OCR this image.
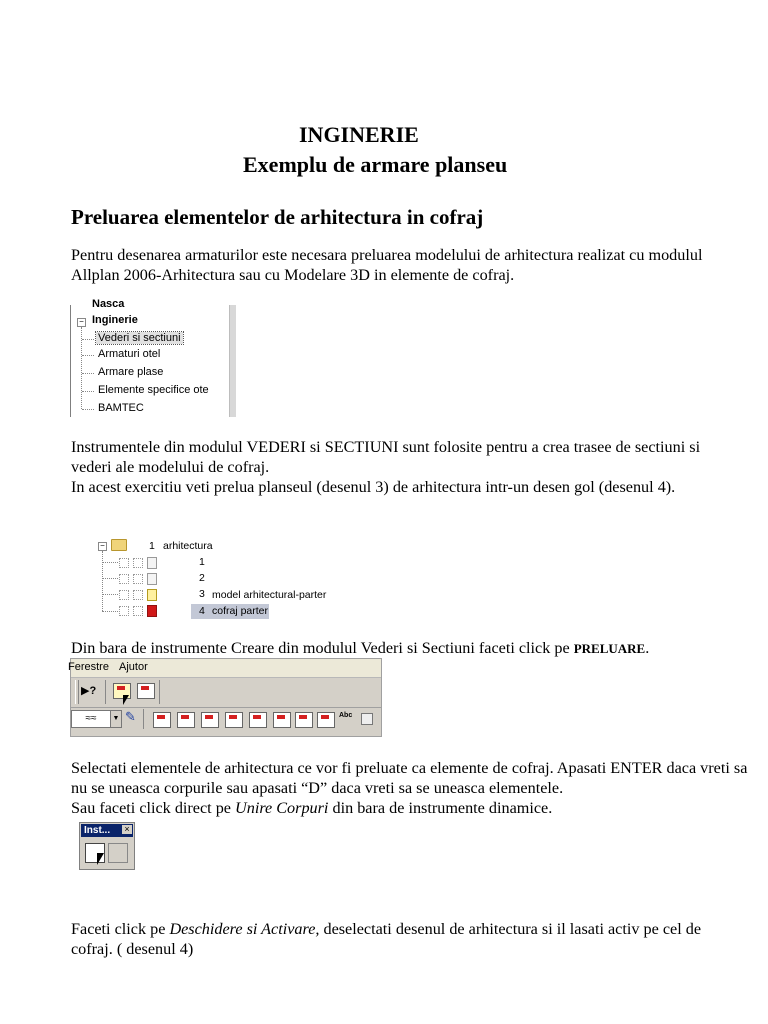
INGINERIE
Exemplu de armare planseu
Preluarea elementelor de arhitectura in cofraj

Pentru desenarea armaturilor este necesara preluarea modelului de arhitectura realizat cu modulul Allplan 2006-Arhitectura sau cu Modelare 3D in elemente de cofraj.

Nasca
− Inginerie
Vederi si sectiuni
Armaturi otel
Armare plase
Elemente specifice ote
BAMTEC

Instrumentele din modulul VEDERI si SECTIUNI sunt folosite pentru a crea trasee de sectiuni si vederi ale modelului de cofraj.

In acest exercitiu veti prelua planseul (desenul 3) de arhitectura intr-un desen gol (desenul 4).

−	1 arhitectura
1
2
3 model arhitectural-parter
4 cofraj parter

Din bara de instrumente Creare din modulul Vederi si Sectiuni faceti click pe PRELUARE.

Ferestre Ajutor
▶?
≈≈	▼ ✎	Abc

Selectati elementele de arhitectura ce vor fi preluate ca elemente de cofraj. Apasati ENTER daca vreti sa nu se uneasca corpurile sau apasati “D” daca vreti sa se uneasca elementele.

Sau faceti click direct pe Unire Corpuri din bara de instrumente dinamice.

Inst...	×

Faceti click pe Deschidere si Activare, deselectati desenul de arhitectura si il lasati activ pe cel de cofraj. ( desenul 4)
